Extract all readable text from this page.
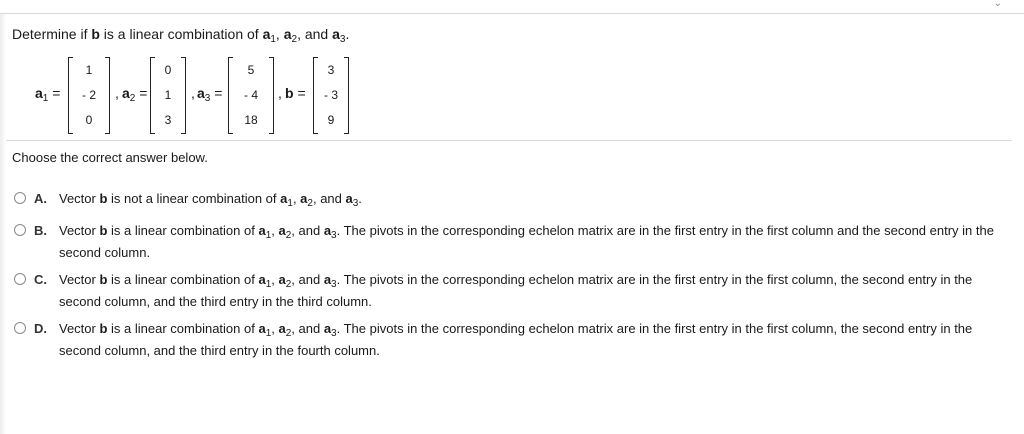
⌄
Determine if b is a linear combination of $a_1$, $a_2$, and $a_3$.
$a_1$ =
1
- 2
0
, $a_2$ =
0
1
3
, $a_3$ =
5
- 4
18
, b =
3
- 3
9
Choose the correct answer below.
A. Vector b is not a linear combination of $a_1$, $a_2$, and $a_3$.
B. Vector b is a linear combination of $a_1$, $a_2$, and $a_3$. The pivots in the corresponding echelon matrix are in the first entry in the first column and the second entry in the second column.
C. Vector b is a linear combination of $a_1$, $a_2$, and $a_3$. The pivots in the corresponding echelon matrix are in the first entry in the first column, the second entry in the second column, and the third entry in the third column.
D. Vector b is a linear combination of $a_1$, $a_2$, and $a_3$. The pivots in the corresponding echelon matrix are in the first entry in the first column, the second entry in the second column, and the third entry in the fourth column.
